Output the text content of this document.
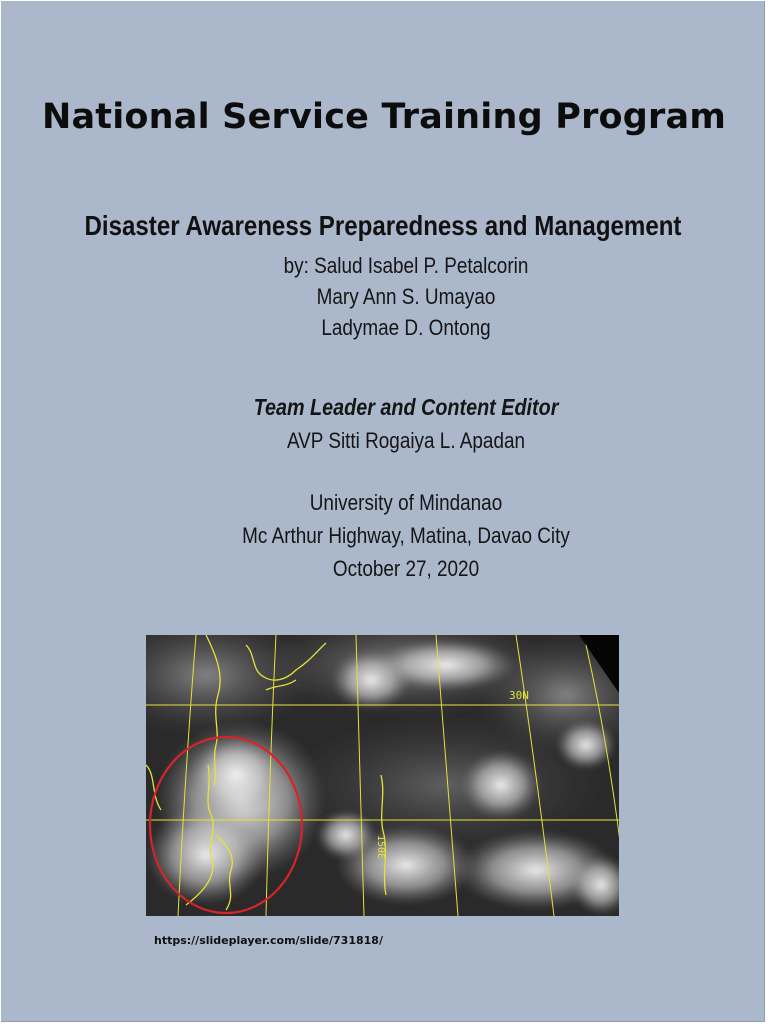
National Service Training Program
Disaster Awareness Preparedness and Management
by: Salud Isabel P. Petalcorin
Mary Ann S. Umayao
Ladymae D. Ontong
Team Leader and Content Editor
AVP Sitti Rogaiya L. Apadan
University of Mindanao
Mc Arthur Highway, Matina, Davao City
October 27, 2020
30N
150E
https://slideplayer.com/slide/731818/
